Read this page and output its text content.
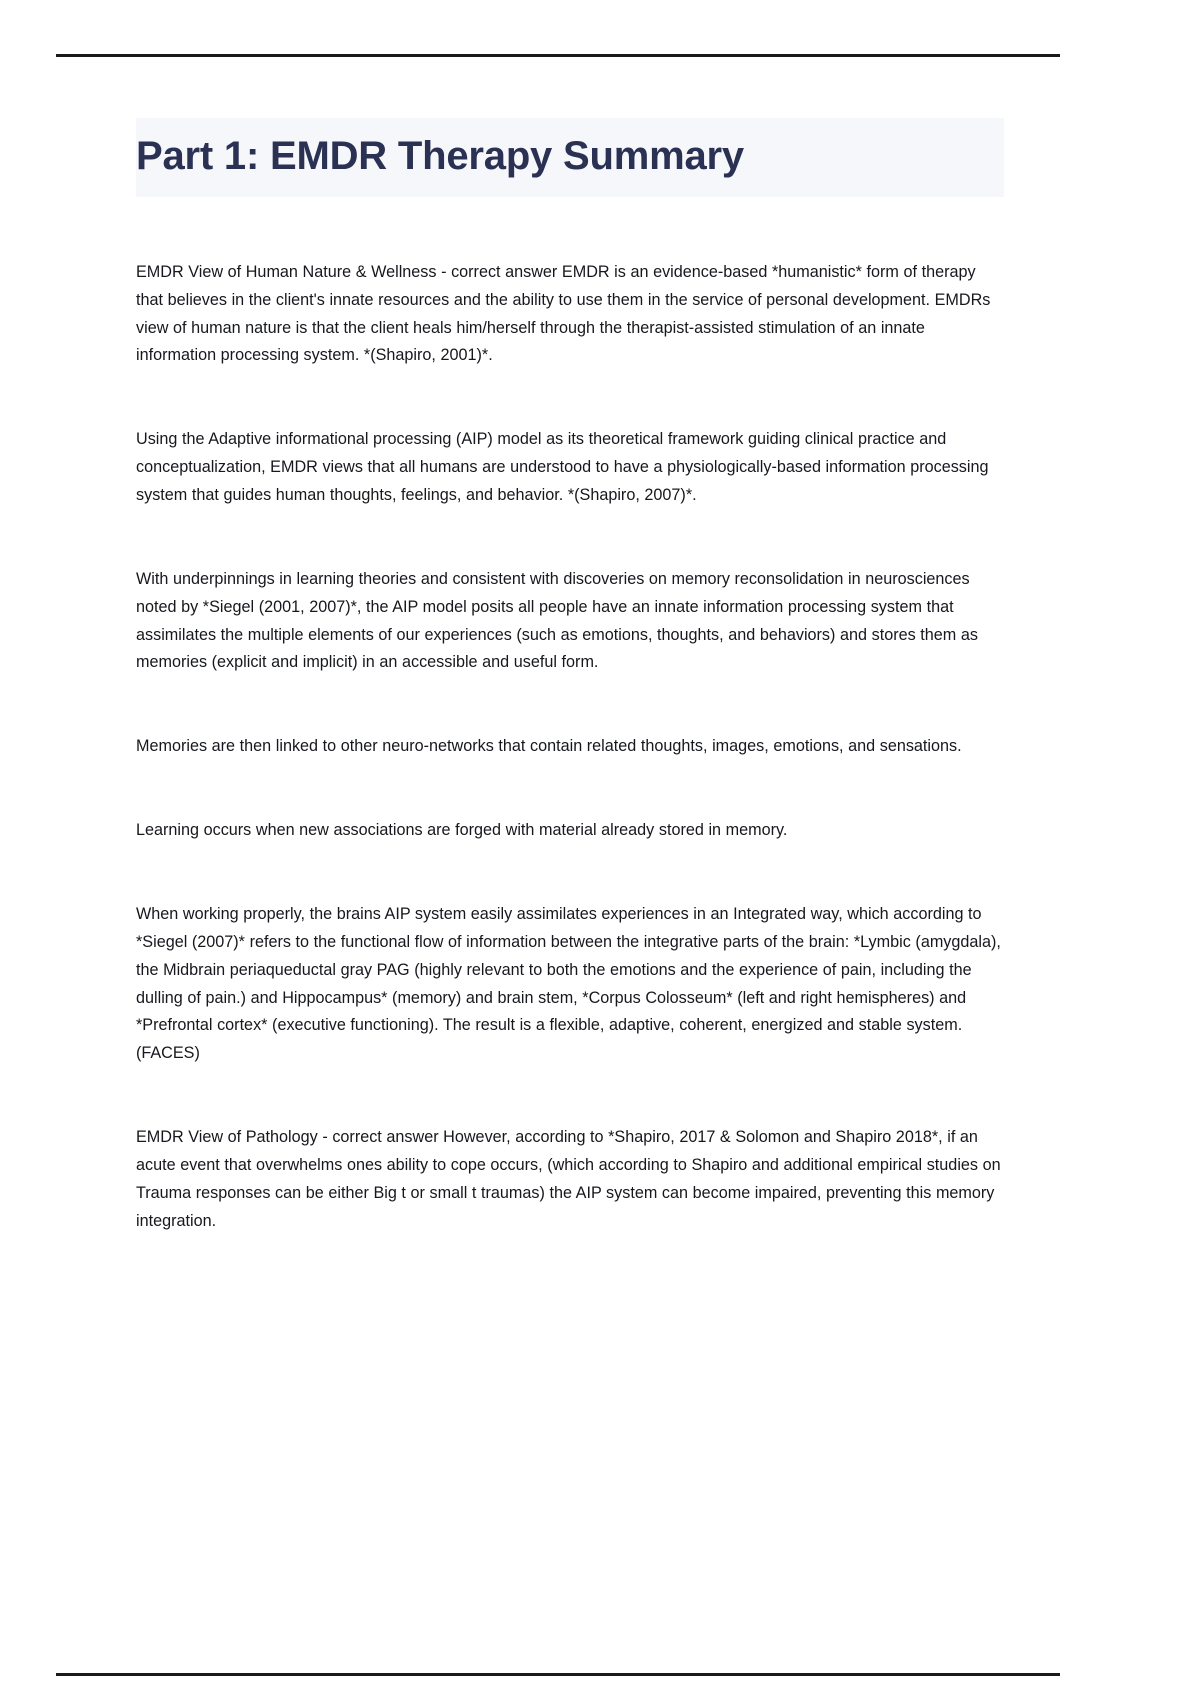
Part 1: EMDR Therapy Summary

EMDR View of Human Nature & Wellness - correct answer EMDR is an evidence-based *humanistic* form of therapy that believes in the client's innate resources and the ability to use them in the service of personal development. EMDRs view of human nature is that the client heals him/herself through the therapist-assisted stimulation of an innate information processing system. *(Shapiro, 2001)*.

Using the Adaptive informational processing (AIP) model as its theoretical framework guiding clinical practice and conceptualization, EMDR views that all humans are understood to have a physiologically-based information processing system that guides human thoughts, feelings, and behavior. *(Shapiro, 2007)*.

With underpinnings in learning theories and consistent with discoveries on memory reconsolidation in neurosciences noted by *Siegel (2001, 2007)*, the AIP model posits all people have an innate information processing system that assimilates the multiple elements of our experiences (such as emotions, thoughts, and behaviors) and stores them as memories (explicit and implicit) in an accessible and useful form.

Memories are then linked to other neuro-networks that contain related thoughts, images, emotions, and sensations.

Learning occurs when new associations are forged with material already stored in memory.

When working properly, the brains AIP system easily assimilates experiences in an Integrated way, which according to *Siegel (2007)* refers to the functional flow of information between the integrative parts of the brain: *Lymbic (amygdala), the Midbrain periaqueductal gray PAG (highly relevant to both the emotions and the experience of pain, including the dulling of pain.) and Hippocampus* (memory) and brain stem, *Corpus Colosseum* (left and right hemispheres) and *Prefrontal cortex* (executive functioning). The result is a flexible, adaptive, coherent, energized and stable system. (FACES)

EMDR View of Pathology - correct answer However, according to *Shapiro, 2017 & Solomon and Shapiro 2018*, if an acute event that overwhelms ones ability to cope occurs, (which according to Shapiro and additional empirical studies on Trauma responses can be either Big t or small t traumas) the AIP system can become impaired, preventing this memory integration.
